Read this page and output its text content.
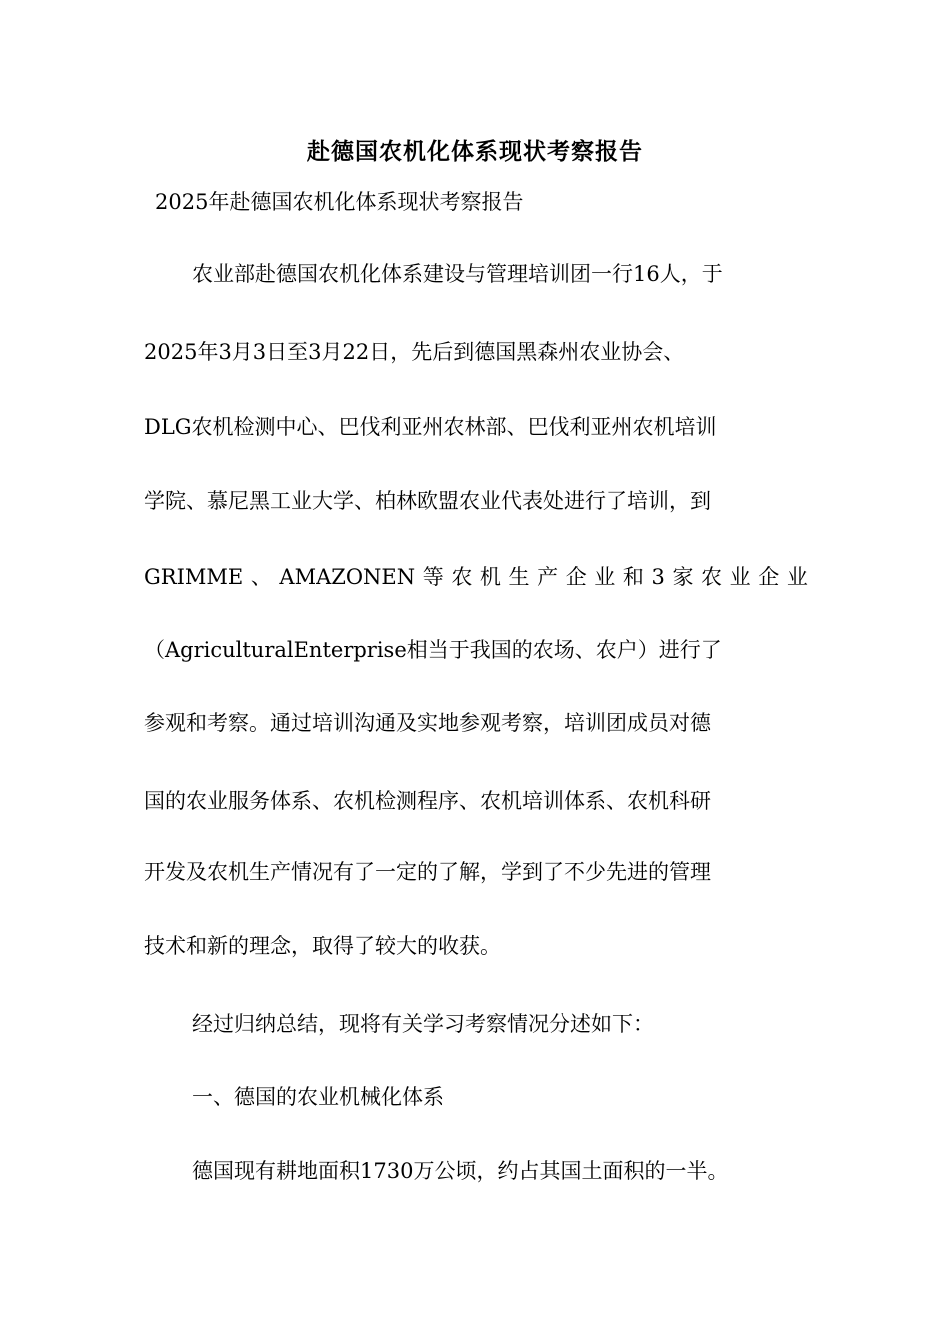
赴德国农机化体系现状考察报告
2025年赴德国农机化体系现状考察报告
农业部赴德国农机化体系建设与管理培训团一行16人，于
2025年3月3日至3月22日，先后到德国黑森州农业协会、
DLG农机检测中心、巴伐利亚州农林部、巴伐利亚州农机培训
学院、慕尼黑工业大学、柏林欧盟农业代表处进行了培训，到
GRIMME 、 AMAZONEN 等 农 机 生 产 企 业 和 3 家 农 业 企 业
（AgriculturalEnterprise相当于我国的农场、农户）进行了
参观和考察。通过培训沟通及实地参观考察，培训团成员对德
国的农业服务体系、农机检测程序、农机培训体系、农机科研
开发及农机生产情况有了一定的了解，学到了不少先进的管理
技术和新的理念，取得了较大的收获。
经过归纳总结，现将有关学习考察情况分述如下：
一、德国的农业机械化体系
德国现有耕地面积1730万公顷，约占其国土面积的一半。
